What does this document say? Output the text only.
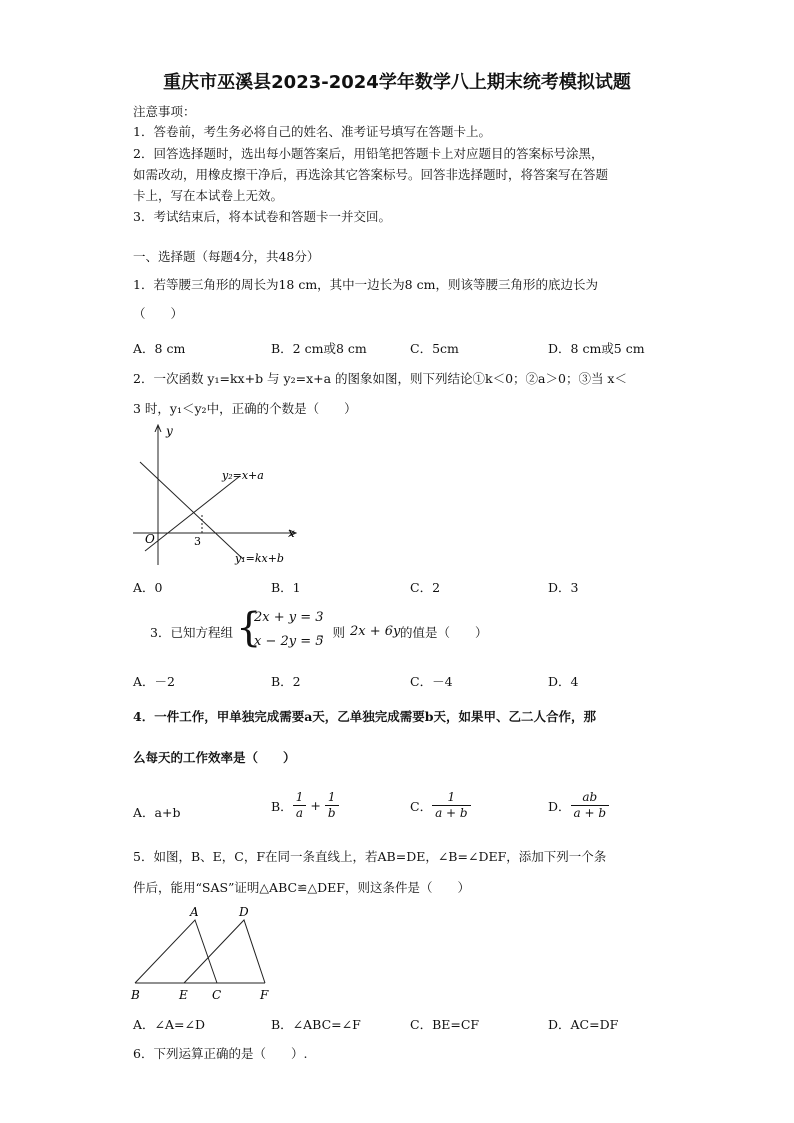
重庆市巫溪县2023-2024学年数学八上期末统考模拟试题
注意事项：
1．答卷前，考生务必将自己的姓名、准考证号填写在答题卡上。
2．回答选择题时，选出每小题答案后，用铅笔把答题卡上对应题目的答案标号涂黑，
如需改动，用橡皮擦干净后，再选涂其它答案标号。回答非选择题时，将答案写在答题
卡上，写在本试卷上无效。
3．考试结束后，将本试卷和答题卡一并交回。
一、选择题（每题4分，共48分）
1．若等腰三角形的周长为18 cm，其中一边长为8 cm，则该等腰三角形的底边长为
（　　）
A．8 cm	B．2 cm或8 cm	C．5cm	D．8 cm或5 cm
2．一次函数 y₁=kx+b 与 y₂=x+a 的图象如图，则下列结论①k＜0；②a＞0；③当 x＜
3 时，y₁＜y₂中，正确的个数是（　　）
y
x
O	3
y₂=x+a
y₁=kx+b
A．0	B．1	C．2	D．3
3．已知方程组 {
2x + y = 3
x − 2y = 5
，则 2x + 6y 的值是（　　）
A．－2	B．2	C．－4	D．4
4．一件工作，甲单独完成需要a天，乙单独完成需要b天，如果甲、乙二人合作，那
么每天的工作效率是（　　）
A．a+b	B． $\frac{1}{a} + \frac{1}{b}$	C． $\frac{1}{a + b}$	D． $\frac{ab}{a + b}$
5．如图，B、E，C，F在同一条直线上，若AB=DE，∠B=∠DEF，添加下列一个条
件后，能用“SAS”证明△ABC≌△DEF，则这条件是（　　）
A	D
B	E C	F
A．∠A=∠D	B．∠ABC=∠F	C．BE=CF	D．AC=DF
6．下列运算正确的是（　　）.
